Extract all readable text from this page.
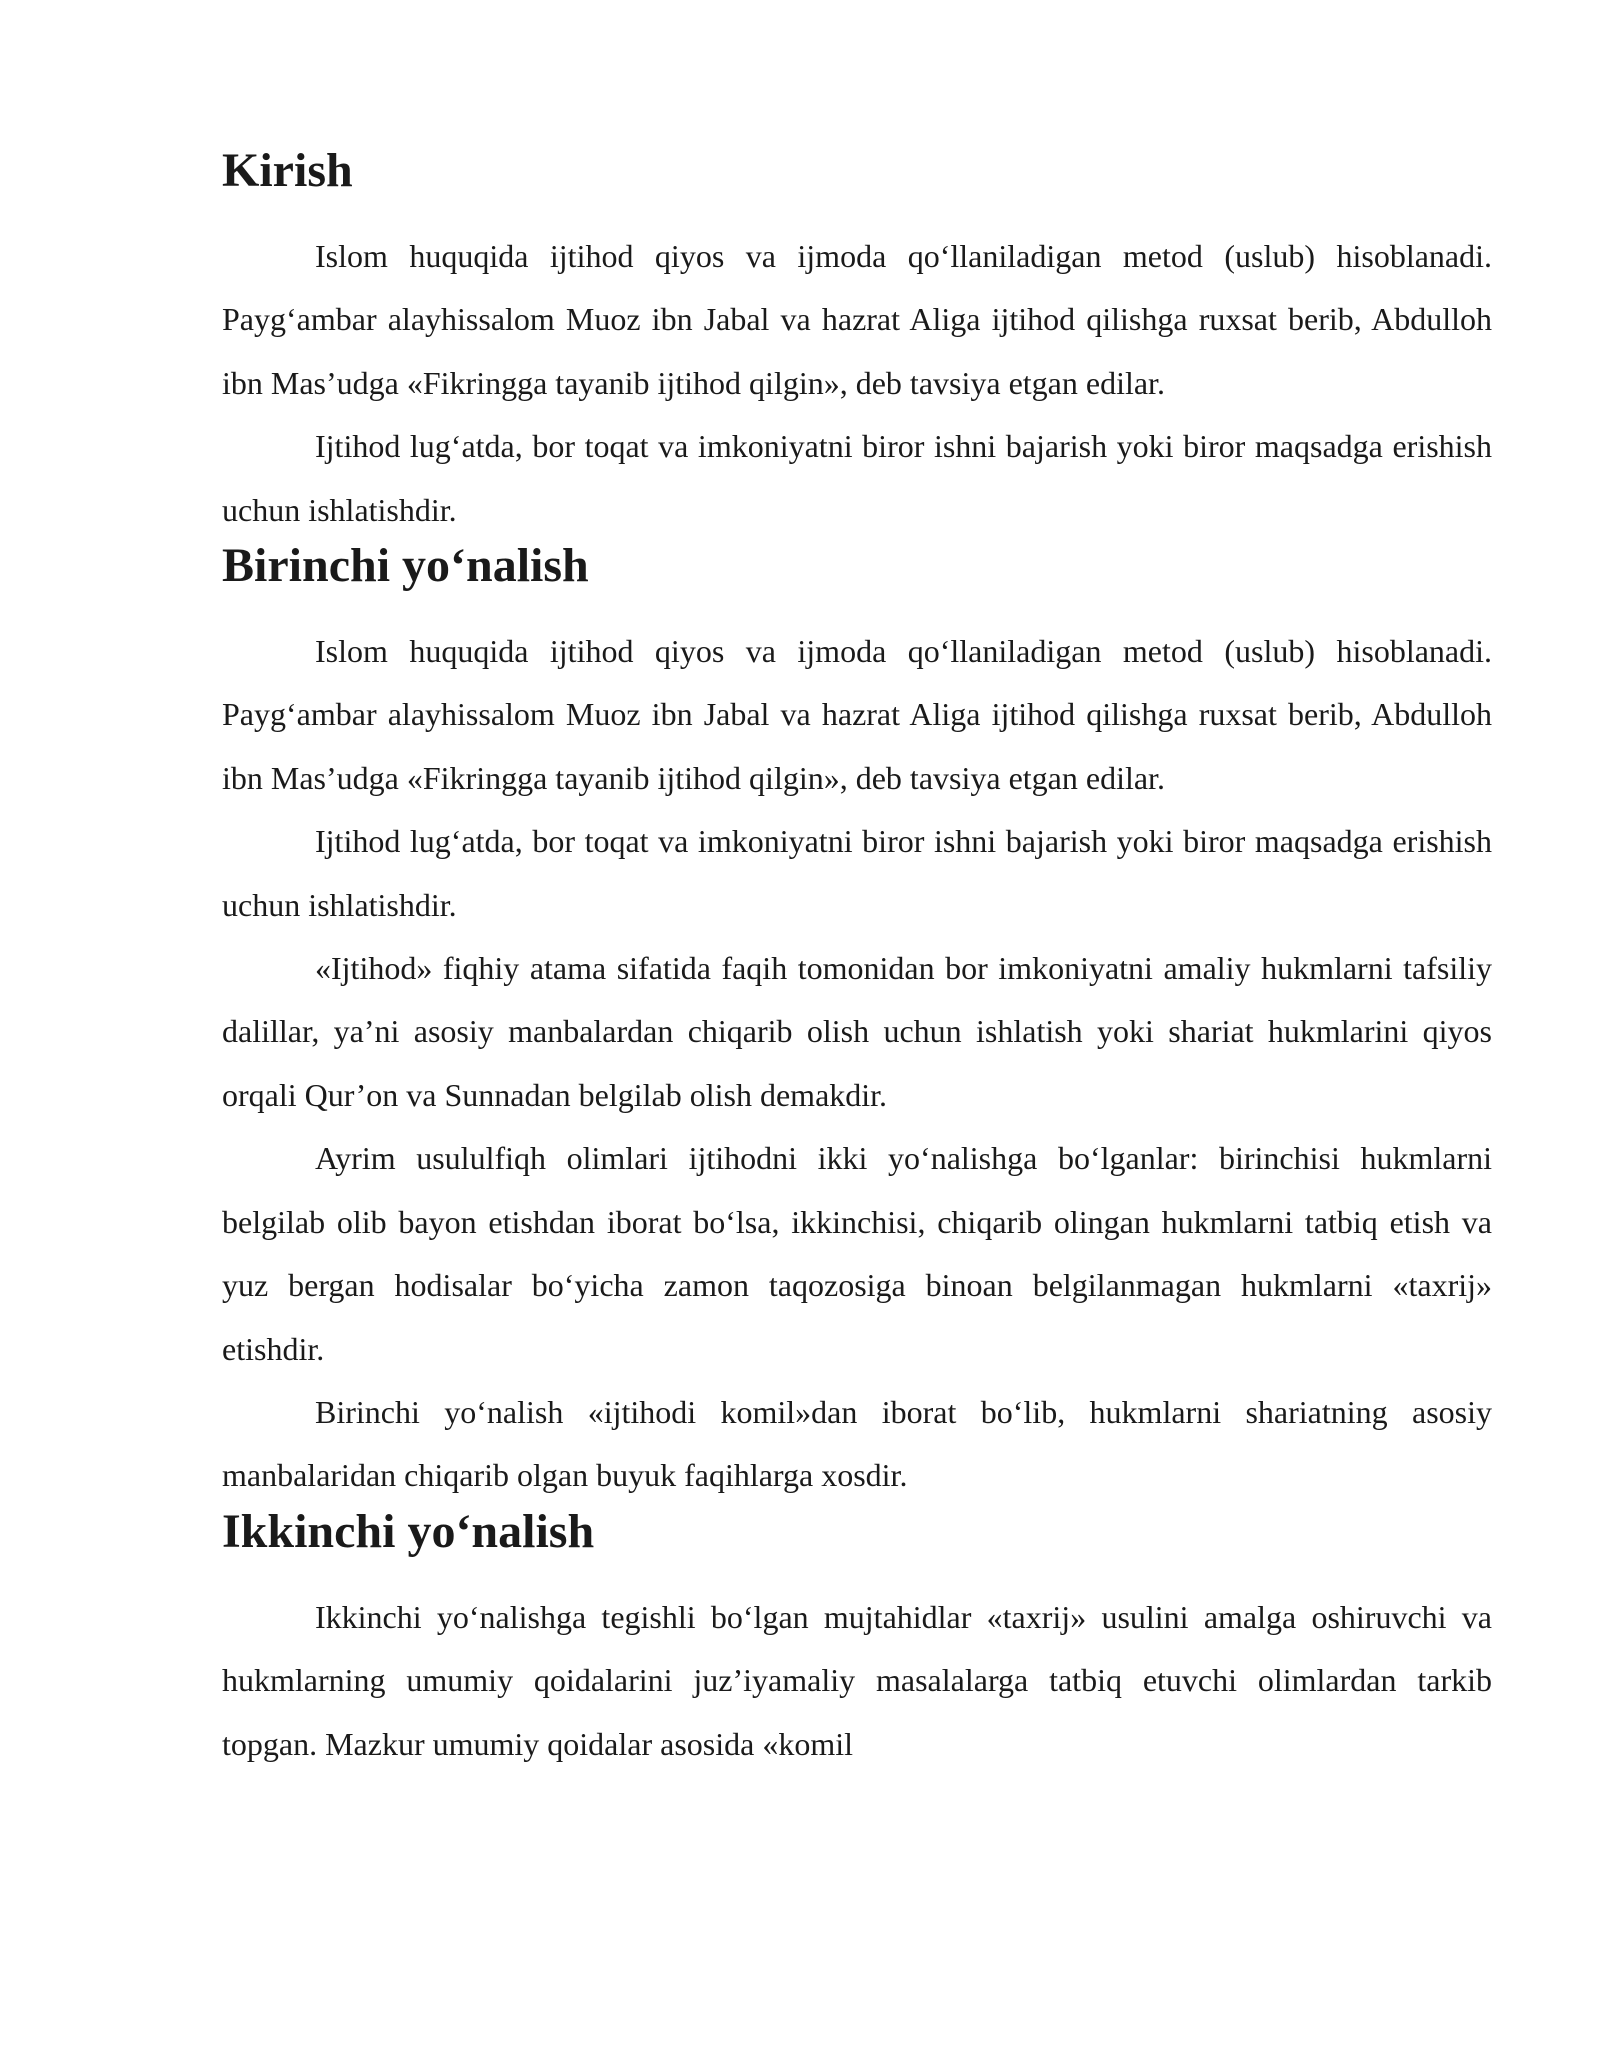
Kirish

Islom huquqida ijtihod qiyos va ijmoda qo‘llaniladigan metod (uslub) hisoblanadi. Payg‘ambar alayhissalom Muoz ibn Jabal va hazrat Aliga ijtihod qilishga ruxsat berib, Abdulloh ibn Mas’udga «Fikringga tayanib ijtihod qilgin», deb tavsiya etgan edilar.

Ijtihod lug‘atda, bor toqat va imkoniyatni biror ishni bajarish yoki biror maqsadga erishish uchun ishlatishdir.

Birinchi yo‘nalish

Islom huquqida ijtihod qiyos va ijmoda qo‘llaniladigan metod (uslub) hisoblanadi. Payg‘ambar alayhissalom Muoz ibn Jabal va hazrat Aliga ijtihod qilishga ruxsat berib, Abdulloh ibn Mas’udga «Fikringga tayanib ijtihod qilgin», deb tavsiya etgan edilar.

Ijtihod lug‘atda, bor toqat va imkoniyatni biror ishni bajarish yoki biror maqsadga erishish uchun ishlatishdir.

«Ijtihod» fiqhiy atama sifatida faqih tomonidan bor imkoniyatni amaliy hukmlarni tafsiliy dalillar, ya’ni asosiy manbalardan chiqarib olish uchun ishlatish yoki shariat hukmlarini qiyos orqali Qur’on va Sunnadan belgilab olish demakdir.

Ayrim usululfiqh olimlari ijtihodni ikki yo‘nalishga bo‘lganlar: birinchisi hukmlarni belgilab olib bayon etishdan iborat bo‘lsa, ikkinchisi, chiqarib olingan hukmlarni tatbiq etish va yuz bergan hodisalar bo‘yicha zamon taqozosiga binoan belgilanmagan hukmlarni «taxrij» etishdir.

Birinchi yo‘nalish «ijtihodi komil»dan iborat bo‘lib, hukmlarni shariatning asosiy manbalaridan chiqarib olgan buyuk faqihlarga xosdir.

Ikkinchi yo‘nalish

Ikkinchi yo‘nalishga tegishli bo‘lgan mujtahidlar «taxrij» usulini amalga oshiruvchi va hukmlarning umumiy qoidalarini juz’iyamaliy masalalarga tatbiq etuvchi olimlardan tarkib topgan. Mazkur umumiy qoidalar asosida «komil
